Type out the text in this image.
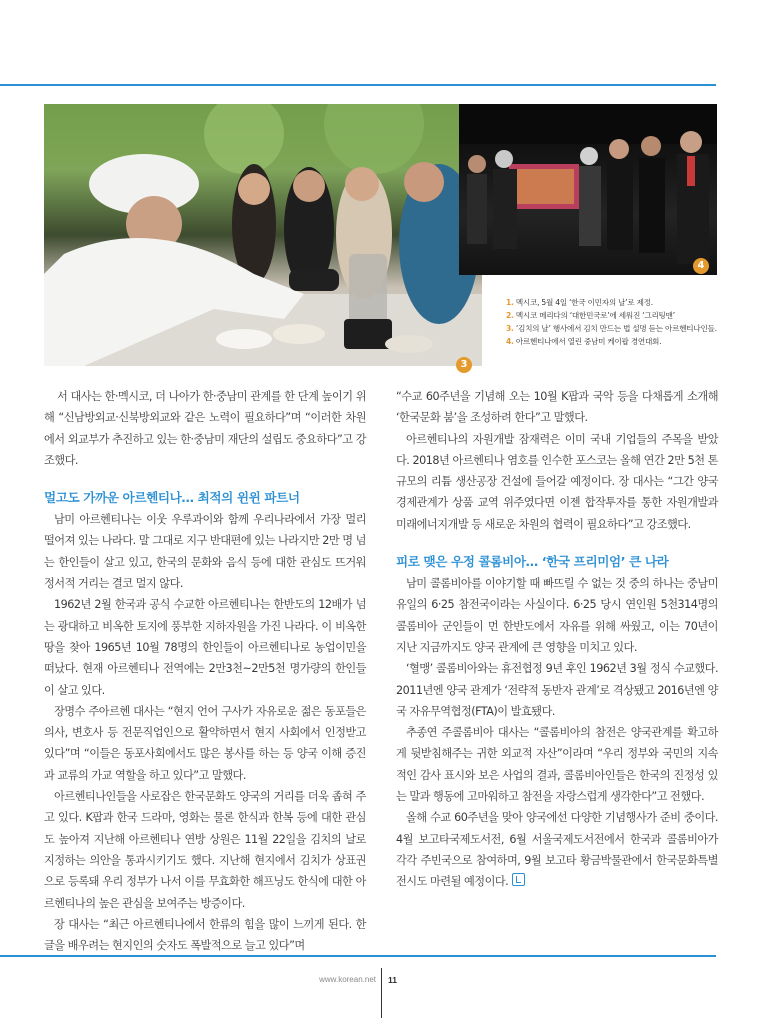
3
4
1. 멕시코, 5월 4일 ‘한국 이민자의 날’로 제정.
2. 멕시코 메리다의 ‘대한민국로’에 세워진 ‘그리팅맨’
3. ‘김치의 날’ 행사에서 김치 만드는 법 설명 듣는 아르헨티나인들.
4. 아르헨티나에서 열린 중남미 케이팝 경연대회.

서 대사는 한·멕시코, 더 나아가 한·중남미 관계를 한 단계 높이기 위해 “신남방외교·신북방외교와 같은 노력이 필요하다”며 “이러한 차원에서 외교부가 추진하고 있는 한·중남미 재단의 설립도 중요하다”고 강조했다.

멀고도 가까운 아르헨티나… 최적의 윈윈 파트너

남미 아르헨티나는 이웃 우루과이와 함께 우리나라에서 가장 멀리 떨어져 있는 나라다. 말 그대로 지구 반대편에 있는 나라지만 2만 명 넘는 한인들이 살고 있고, 한국의 문화와 음식 등에 대한 관심도 뜨거워 정서적 거리는 결코 멀지 않다.

1962년 2월 한국과 공식 수교한 아르헨티나는 한반도의 12배가 넘는 광대하고 비옥한 토지에 풍부한 지하자원을 가진 나라다. 이 비옥한 땅을 찾아 1965년 10월 78명의 한인들이 아르헨티나로 농업이민을 떠났다. 현재 아르헨티나 전역에는 2만3천~2만5천 명가량의 한인들이 살고 있다.

장명수 주아르헨 대사는 “현지 언어 구사가 자유로운 젊은 동포들은 의사, 변호사 등 전문직업인으로 활약하면서 현지 사회에서 인정받고 있다”며 “이들은 동포사회에서도 많은 봉사를 하는 등 양국 이해 증진과 교류의 가교 역할을 하고 있다”고 말했다.

아르헨티나인들을 사로잡은 한국문화도 양국의 거리를 더욱 좁혀 주고 있다. K팝과 한국 드라마, 영화는 물론 한식과 한복 등에 대한 관심도 높아져 지난해 아르헨티나 연방 상원은 11월 22일을 김치의 날로 지정하는 의안을 통과시키기도 했다. 지난해 현지에서 김치가 상표권으로 등록돼 우리 정부가 나서 이를 무효화한 해프닝도 한식에 대한 아르헨티나의 높은 관심을 보여주는 방증이다.

장 대사는 “최근 아르헨티나에서 한류의 힘을 많이 느끼게 된다. 한글을 배우려는 현지인의 숫자도 폭발적으로 늘고 있다”며

“수교 60주년을 기념해 오는 10월 K팝과 국악 등을 다채롭게 소개해 ‘한국문화 붐’을 조성하려 한다”고 말했다.

아르헨티나의 자원개발 잠재력은 이미 국내 기업들의 주목을 받았다. 2018년 아르헨티나 염호를 인수한 포스코는 올해 연간 2만 5천 톤 규모의 리튬 생산공장 건설에 들어갈 예정이다. 장 대사는 “그간 양국 경제관계가 상품 교역 위주였다면 이젠 합작투자를 통한 자원개발과 미래에너지개발 등 새로운 차원의 협력이 필요하다”고 강조했다.

피로 맺은 우정 콜롬비아… ‘한국 프리미엄’ 큰 나라

남미 콜롬비아를 이야기할 때 빠뜨릴 수 없는 것 중의 하나는 중남미 유일의 6·25 참전국이라는 사실이다. 6·25 당시 연인원 5천314명의 콜롬비아 군인들이 먼 한반도에서 자유를 위해 싸웠고, 이는 70년이 지난 지금까지도 양국 관계에 큰 영향을 미치고 있다.

‘혈맹’ 콜롬비아와는 휴전협정 9년 후인 1962년 3월 정식 수교했다. 2011년엔 양국 관계가 ‘전략적 동반자 관계’로 격상됐고 2016년엔 양국 자유무역협정(FTA)이 발효됐다.

추종연 주콜롬비아 대사는 “콜롬비아의 참전은 양국관계를 확고하게 뒷받침해주는 귀한 외교적 자산”이라며 “우리 정부와 국민의 지속적인 감사 표시와 보은 사업의 결과, 콜롬비아인들은 한국의 진정성 있는 말과 행동에 고마워하고 참전을 자랑스럽게 생각한다”고 전했다.

올해 수교 60주년을 맞아 양국에선 다양한 기념행사가 준비 중이다. 4월 보고타국제도서전, 6월 서울국제도서전에서 한국과 콜롬비아가 각각 주빈국으로 참여하며, 9월 보고타 황금박물관에서 한국문화특별전시도 마련될 예정이다.

www.korean.net 11
